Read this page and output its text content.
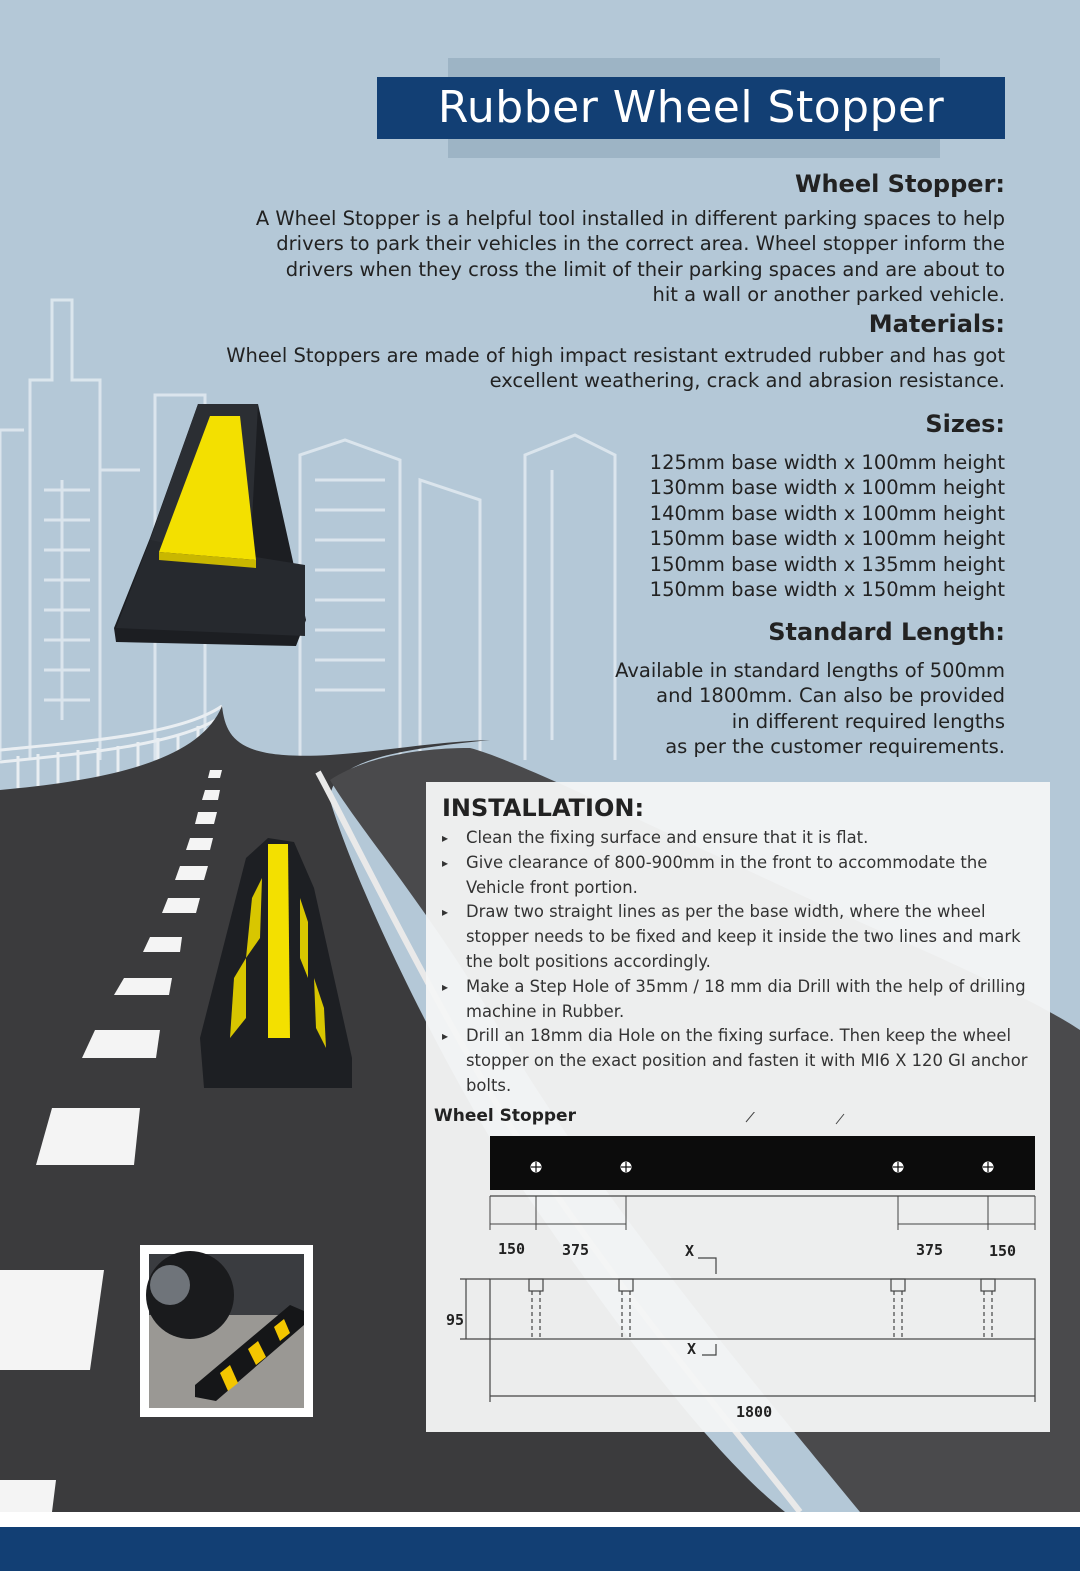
Rubber Wheel Stopper
Wheel Stopper:
A Wheel Stopper is a helpful tool installed in different parking spaces to help
drivers to park their vehicles in the correct area. Wheel stopper inform the
drivers when they cross the limit of their parking spaces and are about to
hit a wall or another parked vehicle.
Materials:
Wheel Stoppers are made of high impact resistant extruded rubber and has got
excellent weathering, crack and abrasion resistance.
Sizes:
125mm base width x 100mm height
130mm base width x 100mm height
140mm base width x 100mm height
150mm base width x 100mm height
150mm base width x 135mm height
150mm base width x 150mm height
Standard Length:
Available in standard lengths of 500mm
and 1800mm. Can also be provided
in different required lengths
as per the customer requirements.
INSTALLATION:
▸ Clean the fixing surface and ensure that it is flat.
▸ Give clearance of 800-900mm in the front to accommodate the Vehicle front portion.
▸ Draw two straight lines as per the base width, where the wheel stopper needs to be fixed and keep it inside the two lines and mark the bolt positions accordingly.
▸ Make a Step Hole of 35mm / 18 mm dia Drill with the help of drilling machine in Rubber.
▸ Drill an 18mm dia Hole on the fixing surface. Then keep the wheel stopper on the exact position and fasten it with MI6 X 120 GI anchor bolts.
Wheel Stopper
150 375	375	150
X
95
X
1800
